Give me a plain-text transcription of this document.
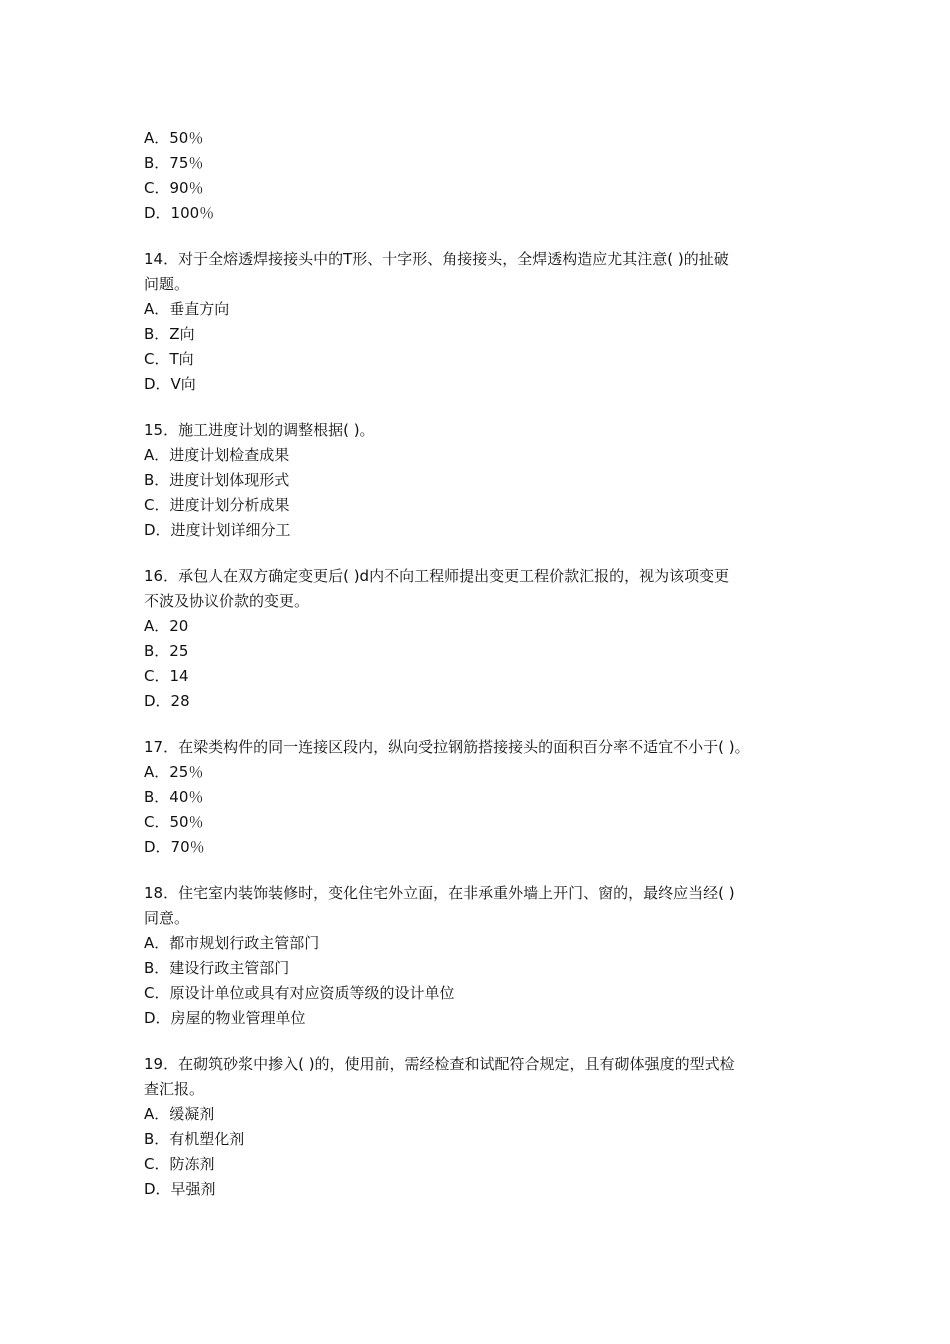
A．50％
B．75％
C．90％
D．100％
14．对于全熔透焊接接头中的T形、十字形、角接接头，全焊透构造应尤其注意( )的扯破
问题。
A．垂直方向
B．Z向
C．T向
D．V向
15．施工进度计划的调整根据( )。
A．进度计划检查成果
B．进度计划体现形式
C．进度计划分析成果
D．进度计划详细分工
16．承包人在双方确定变更后( )d内不向工程师提出变更工程价款汇报的，视为该项变更
不波及协议价款的变更。
A．20
B．25
C．14
D．28
17．在梁类构件的同一连接区段内，纵向受拉钢筋搭接接头的面积百分率不适宜不小于( )。
A．25％
B．40％
C．50％
D．70％
18．住宅室内装饰装修时，变化住宅外立面，在非承重外墙上开门、窗的，最终应当经( )
同意。
A．都市规划行政主管部门
B．建设行政主管部门
C．原设计单位或具有对应资质等级的设计单位
D．房屋的物业管理单位
19．在砌筑砂浆中掺入( )的，使用前，需经检查和试配符合规定，且有砌体强度的型式检
查汇报。
A．缓凝剂
B．有机塑化剂
C．防冻剂
D．早强剂
